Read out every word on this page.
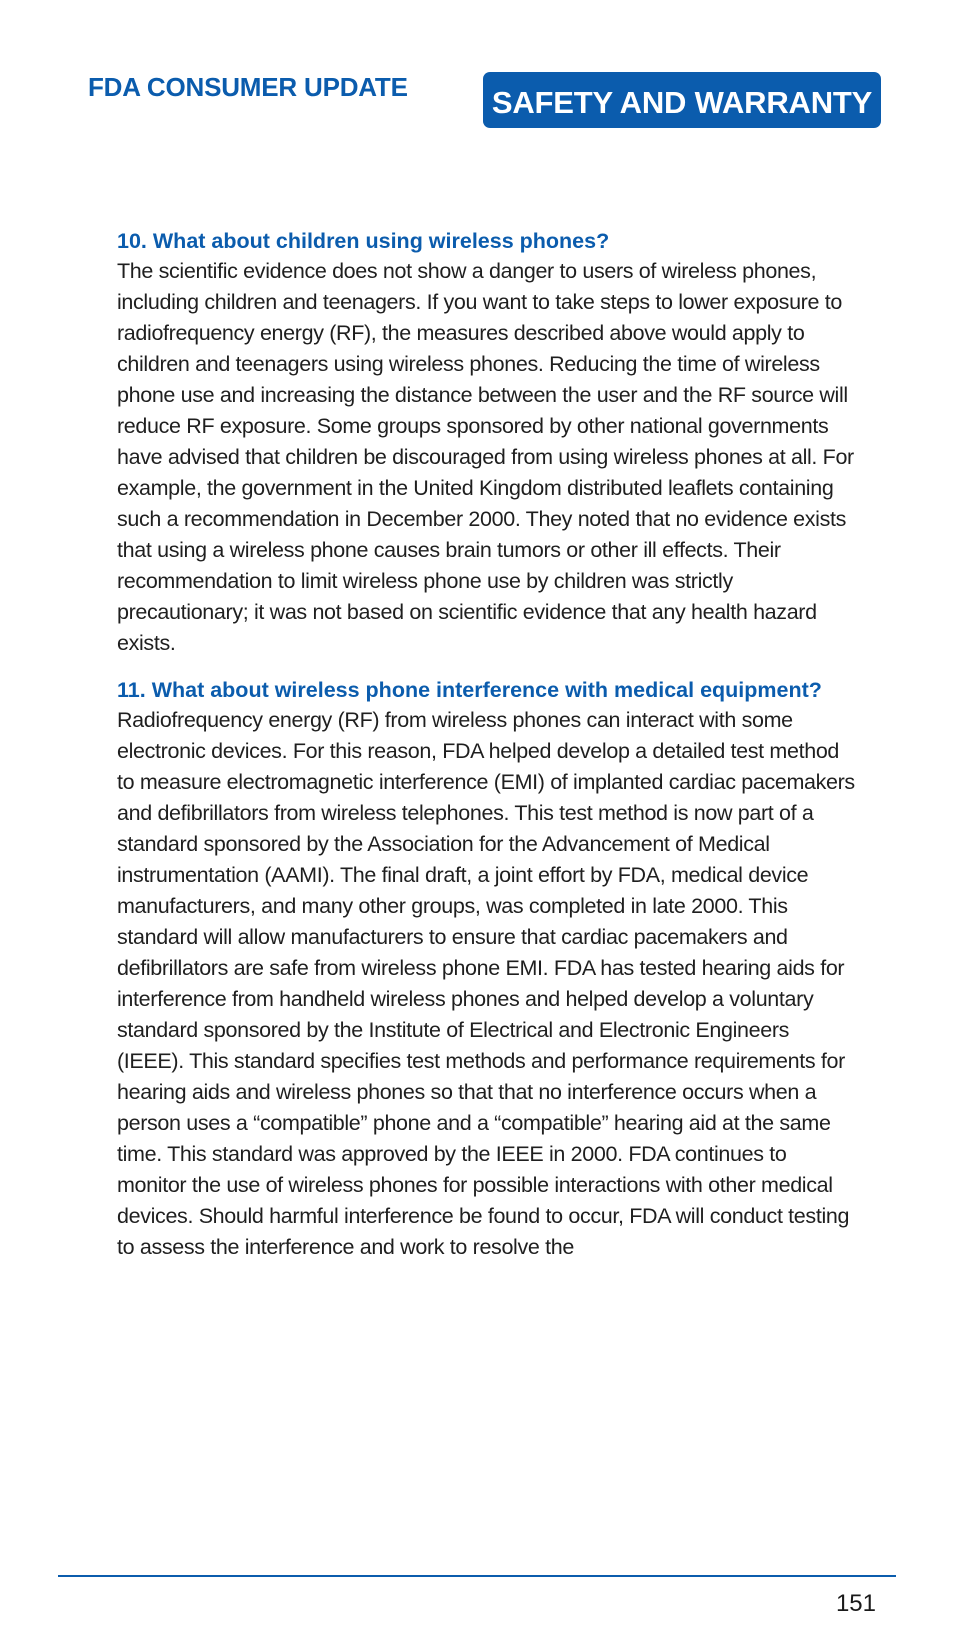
FDA CONSUMER UPDATE	SAFETY AND WARRANTY
10. What about children using wireless phones?

The scientific evidence does not show a danger to users of wireless phones, including children and teenagers. If you want to take steps to lower exposure to radiofrequency energy (RF), the measures described above would apply to children and teenagers using wireless phones. Reducing the time of wireless phone use and increasing the distance between the user and the RF source will reduce RF exposure. Some groups sponsored by other national governments have advised that children be discouraged from using wireless phones at all. For example, the government in the United Kingdom distributed leaflets containing such a recommendation in December 2000. They noted that no evidence exists that using a wireless phone causes brain tumors or other ill effects. Their recommendation to limit wireless phone use by children was strictly precautionary; it was not based on scientific evidence that any health hazard exists.

11. What about wireless phone interference with medical equipment?

Radiofrequency energy (RF) from wireless phones can interact with some electronic devices. For this reason, FDA helped develop a detailed test method to measure electromagnetic interference (EMI) of implanted cardiac pacemakers and defibrillators from wireless telephones. This test method is now part of a standard sponsored by the Association for the Advancement of Medical instrumentation (AAMI). The final draft, a joint effort by FDA, medical device manufacturers, and many other groups, was completed in late 2000. This standard will allow manufacturers to ensure that cardiac pacemakers and defibrillators are safe from wireless phone EMI. FDA has tested hearing aids for interference from handheld wireless phones and helped develop a voluntary standard sponsored by the Institute of Electrical and Electronic Engineers (IEEE). This standard specifies test methods and performance requirements for hearing aids and wireless phones so that that no interference occurs when a person uses a “compatible” phone and a “compatible” hearing aid at the same time. This standard was approved by the IEEE in 2000. FDA continues to monitor the use of wireless phones for possible interactions with other medical devices. Should harmful interference be found to occur, FDA will conduct testing to assess the interference and work to resolve the

151
